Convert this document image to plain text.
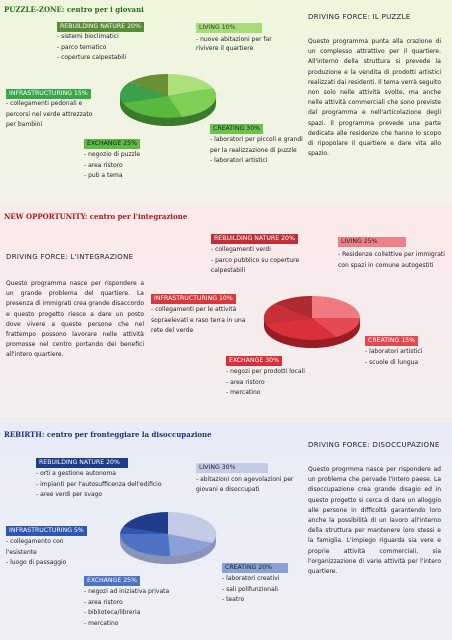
PUZZLE-ZONE: centro per i giovani
REBUILDING NATURE 20%
- sistemi bioclimatici
- parco tematico
- coperture calpestabili
LIVING 10%
- nuove abitazioni per far rivivere il quartiere
INFRASTRUCTURING 15%
- collegamenti pedonali e percorsi nel verde attrezzato per bambini
CREATING 30%
- laboratori per piccoli e grandi per la realizzazione di puzzle
- laboratori artistici
EXCHANGE 25%
- negozio di puzzle
- area ristoro
- pub a tema
DRIVING FORCE: IL PUZZLE

Questo programma punta alla crazione di un complesso attrattivo per il quartiere. All'interno della struttura si prevede la produzione e la vendita di prodotti artistici realizzati dai residenti. Il tema verrà seguito non solo nelle attività svolte, ma anche nelle attività commerciali che sono previste dal programma e nell'articolazione degli spazi. Il programma prevede una parte dedicata alle residenze che hanno lo scopo di ripopolare il quartiere e dare vita allo spazio.

NEW OPPORTUNITY: centro per l'integrazione
DRIVING FORCE: L'INTEGRAZIONE

Questo programma nasce per rispondere a un grande problema del quartiere. La presenza di immigrati crea grande disaccordo e questo progetto riesce a dare un posto dove vivere a queste persone che nel frattempo possono lavorare nelle attività promosse nel centro portando dei benefici all'intero quartiere.

REBUILDING NATURE 20%
- collegamenti verdi
- parco pubblico su coperture calpestabili
LIVING 25%
- Residenze collettive per immigrati con spazi in comune autogestiti
INFRASTRUCTURING 10%
- collegamenti per le attività sopraelevati e raso terra in una rete del verde
CREATING 15%
- laboratori artistici
- scuole di lungua
EXCHANGE 30%
- negozi per prodotti locali
- area ristoro
- mercatino
REBIRTH: centro per fronteggiare la disoccupazione
REBUILDING NATURE 20%
- orti a gestione autonoma
- impianti per l'autosufficenza dell'edificio
- aree verdi per svago
LIVING 30%
- abitazioni con agevolazioni per giovani e disoccupati
INFRASTRUCTURING 5%
- collegamento con l'esistente
- luogo di passaggio
CREATING 20%
- laboratori creativi
- sali polifunzionali
- teatro
EXCHANGE 25%
- negozi ad iniziativa privata
- area ristoro
- biblioteca/libreria
- mercatino
DRIVING FORCE: DISOCCUPAZIONE

Questo progrmma nasce per rispondere ad un problema che pervade l'intero paese. La disoccupazione crea grande disagio ed in questo progetto si cerca di dare un alloggio alle persone in difficoltà garantendo loro anche la possibilità di un lavoro all'interno della struttura per mantenere loro stessi e la famiglia. L'impiego riguarda sia vere e proprie attività commerciali, sia l'organizzazione di varie attività per l'intero quartiere.
